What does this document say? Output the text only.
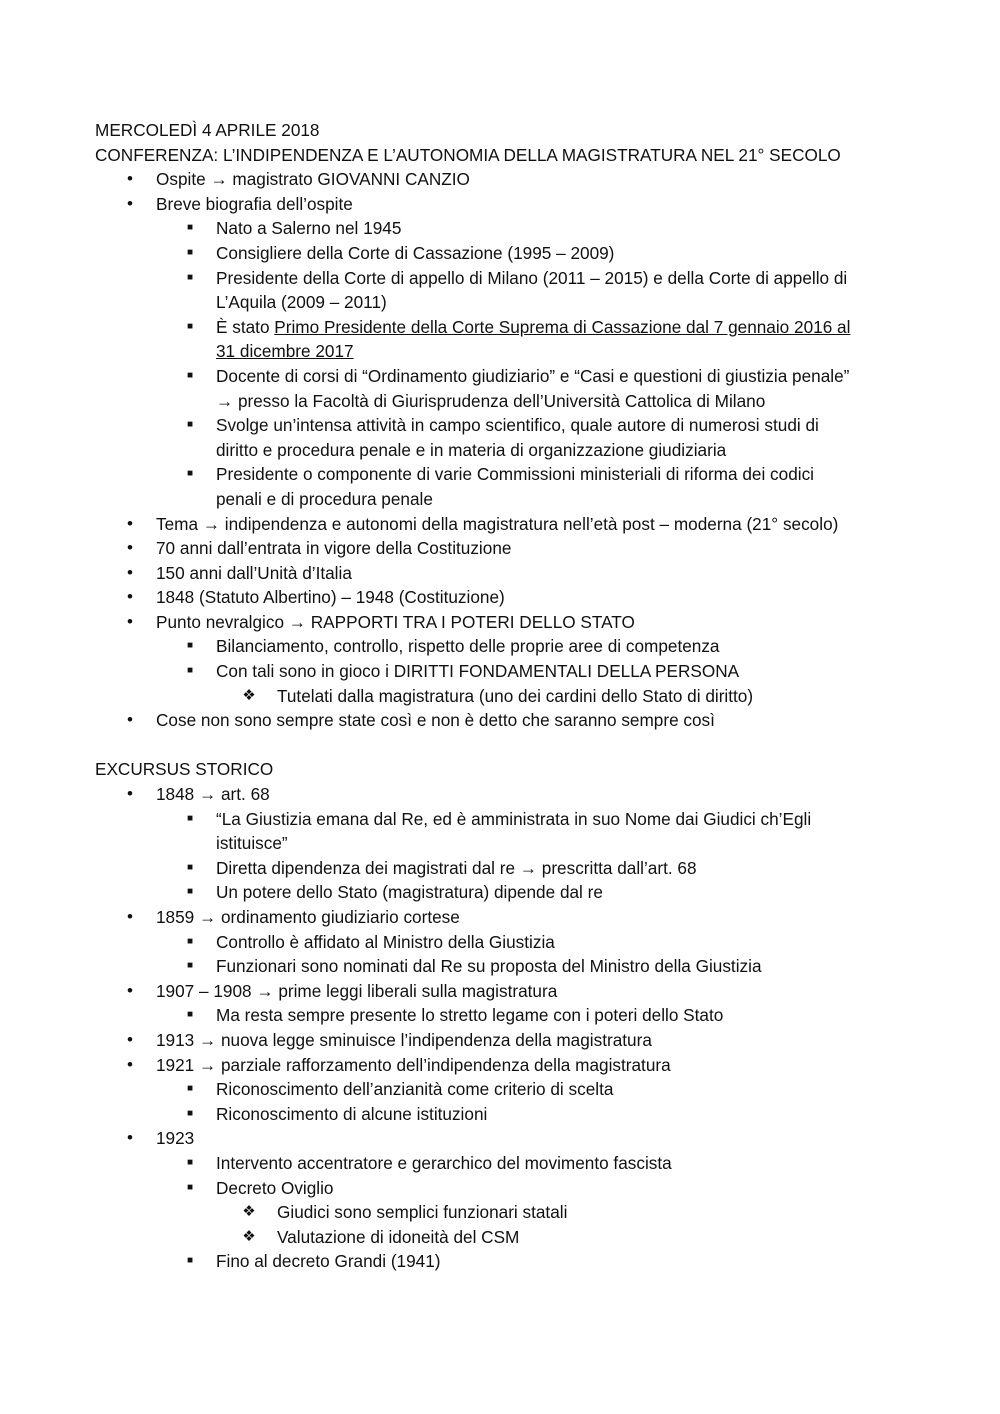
MERCOLEDÌ 4 APRILE 2018

CONFERENZA: L’INDIPENDENZA E L’AUTONOMIA DELLA MAGISTRATURA NEL 21° SECOLO

• Ospite → magistrato GIOVANNI CANZIO
• Breve biografia dell’ospite
■ Nato a Salerno nel 1945
■ Consigliere della Corte di Cassazione (1995 – 2009)
■ Presidente della Corte di appello di Milano (2011 – 2015) e della Corte di appello di
L’Aquila (2009 – 2011)
■ È stato Primo Presidente della Corte Suprema di Cassazione dal 7 gennaio 2016 al
31 dicembre 2017
■ Docente di corsi di “Ordinamento giudiziario” e “Casi e questioni di giustizia penale”
→ presso la Facoltà di Giurisprudenza dell’Università Cattolica di Milano
■ Svolge un’intensa attività in campo scientifico, quale autore di numerosi studi di
diritto e procedura penale e in materia di organizzazione giudiziaria
■ Presidente o componente di varie Commissioni ministeriali di riforma dei codici
penali e di procedura penale
• Tema → indipendenza e autonomi della magistratura nell’età post – moderna (21° secolo)
• 70 anni dall’entrata in vigore della Costituzione
• 150 anni dall’Unità d’Italia
• 1848 (Statuto Albertino) – 1948 (Costituzione)
• Punto nevralgico → RAPPORTI TRA I POTERI DELLO STATO
■ Bilanciamento, controllo, rispetto delle proprie aree di competenza
■ Con tali sono in gioco i DIRITTI FONDAMENTALI DELLA PERSONA
❖ Tutelati dalla magistratura (uno dei cardini dello Stato di diritto)
• Cose non sono sempre state così e non è detto che saranno sempre così

EXCURSUS STORICO

• 1848 → art. 68
■ “La Giustizia emana dal Re, ed è amministrata in suo Nome dai Giudici ch’Egli
istituisce”
■ Diretta dipendenza dei magistrati dal re → prescritta dall’art. 68
■ Un potere dello Stato (magistratura) dipende dal re
• 1859 → ordinamento giudiziario cortese
■ Controllo è affidato al Ministro della Giustizia
■ Funzionari sono nominati dal Re su proposta del Ministro della Giustizia
• 1907 – 1908 → prime leggi liberali sulla magistratura
■ Ma resta sempre presente lo stretto legame con i poteri dello Stato
• 1913 → nuova legge sminuisce l’indipendenza della magistratura
• 1921 → parziale rafforzamento dell’indipendenza della magistratura
■ Riconoscimento dell’anzianità come criterio di scelta
■ Riconoscimento di alcune istituzioni
• 1923
■ Intervento accentratore e gerarchico del movimento fascista
■ Decreto Oviglio
❖ Giudici sono semplici funzionari statali
❖ Valutazione di idoneità del CSM
■ Fino al decreto Grandi (1941)
